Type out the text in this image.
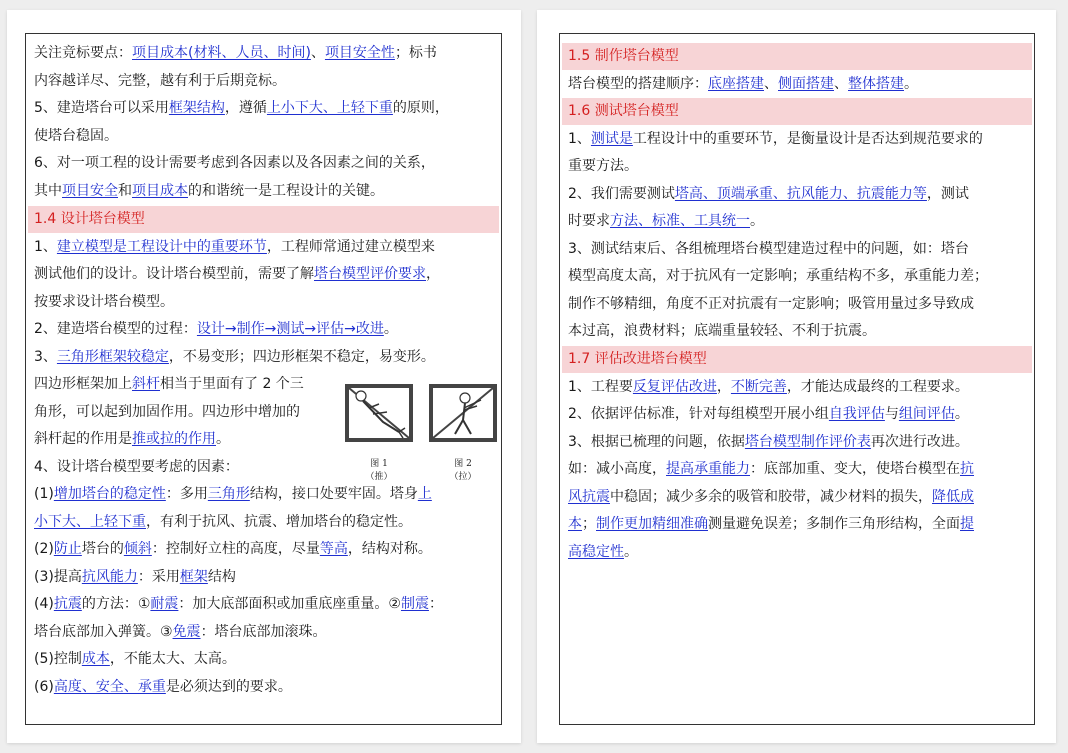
关注竞标要点：项目成本(材料、人员、时间)、项目安全性；标书
内容越详尽、完整，越有利于后期竞标。
5、建造塔台可以采用框架结构，遵循上小下大、上轻下重的原则，
使塔台稳固。
6、对一项工程的设计需要考虑到各因素以及各因素之间的关系，
其中项目安全和项目成本的和谐统一是工程设计的关键。
1.4 设计塔台模型
1、建立模型是工程设计中的重要环节，工程师常通过建立模型来
测试他们的设计。设计塔台模型前，需要了解塔台模型评价要求，
按要求设计塔台模型。
2、建造塔台模型的过程：设计→制作→测试→评估→改进。
3、三角形框架较稳定，不易变形；四边形框架不稳定，易变形。
四边形框架加上斜杆相当于里面有了 2 个三
角形，可以起到加固作用。四边形中增加的
斜杆起的作用是推或拉的作用。
图 1
（推）
图 2
（拉）
4、设计塔台模型要考虑的因素：
(1)增加塔台的稳定性：多用三角形结构，接口处要牢固。塔身上
小下大、上轻下重，有利于抗风、抗震、增加塔台的稳定性。
(2)防止塔台的倾斜：控制好立柱的高度，尽量等高，结构对称。
(3)提高抗风能力：采用框架结构
(4)抗震的方法：①耐震：加大底部面积或加重底座重量。②制震：
塔台底部加入弹簧。③免震：塔台底部加滚珠。
(5)控制成本，不能太大、太高。
(6)高度、安全、承重是必须达到的要求。
1.5 制作塔台模型
塔台模型的搭建顺序：底座搭建、侧面搭建、整体搭建。
1.6 测试塔台模型
1、测试是工程设计中的重要环节，是衡量设计是否达到规范要求的
重要方法。
2、我们需要测试塔高、顶端承重、抗风能力、抗震能力等，测试
时要求方法、标准、工具统一。
3、测试结束后、各组梳理塔台模型建造过程中的问题，如：塔台
模型高度太高，对于抗风有一定影响；承重结构不多，承重能力差；
制作不够精细，角度不正对抗震有一定影响；吸管用量过多导致成
本过高，浪费材料；底端重量较轻、不利于抗震。
1.7 评估改进塔台模型
1、工程要反复评估改进，不断完善，才能达成最终的工程要求。
2、依据评估标准，针对每组模型开展小组自我评估与组间评估。
3、根据已梳理的问题，依据塔台模型制作评价表再次进行改进。
如：减小高度，提高承重能力：底部加重、变大，使塔台模型在抗
风抗震中稳固；减少多余的吸管和胶带，减少材料的损失，降低成
本；制作更加精细准确测量避免误差；多制作三角形结构，全面提
高稳定性。
